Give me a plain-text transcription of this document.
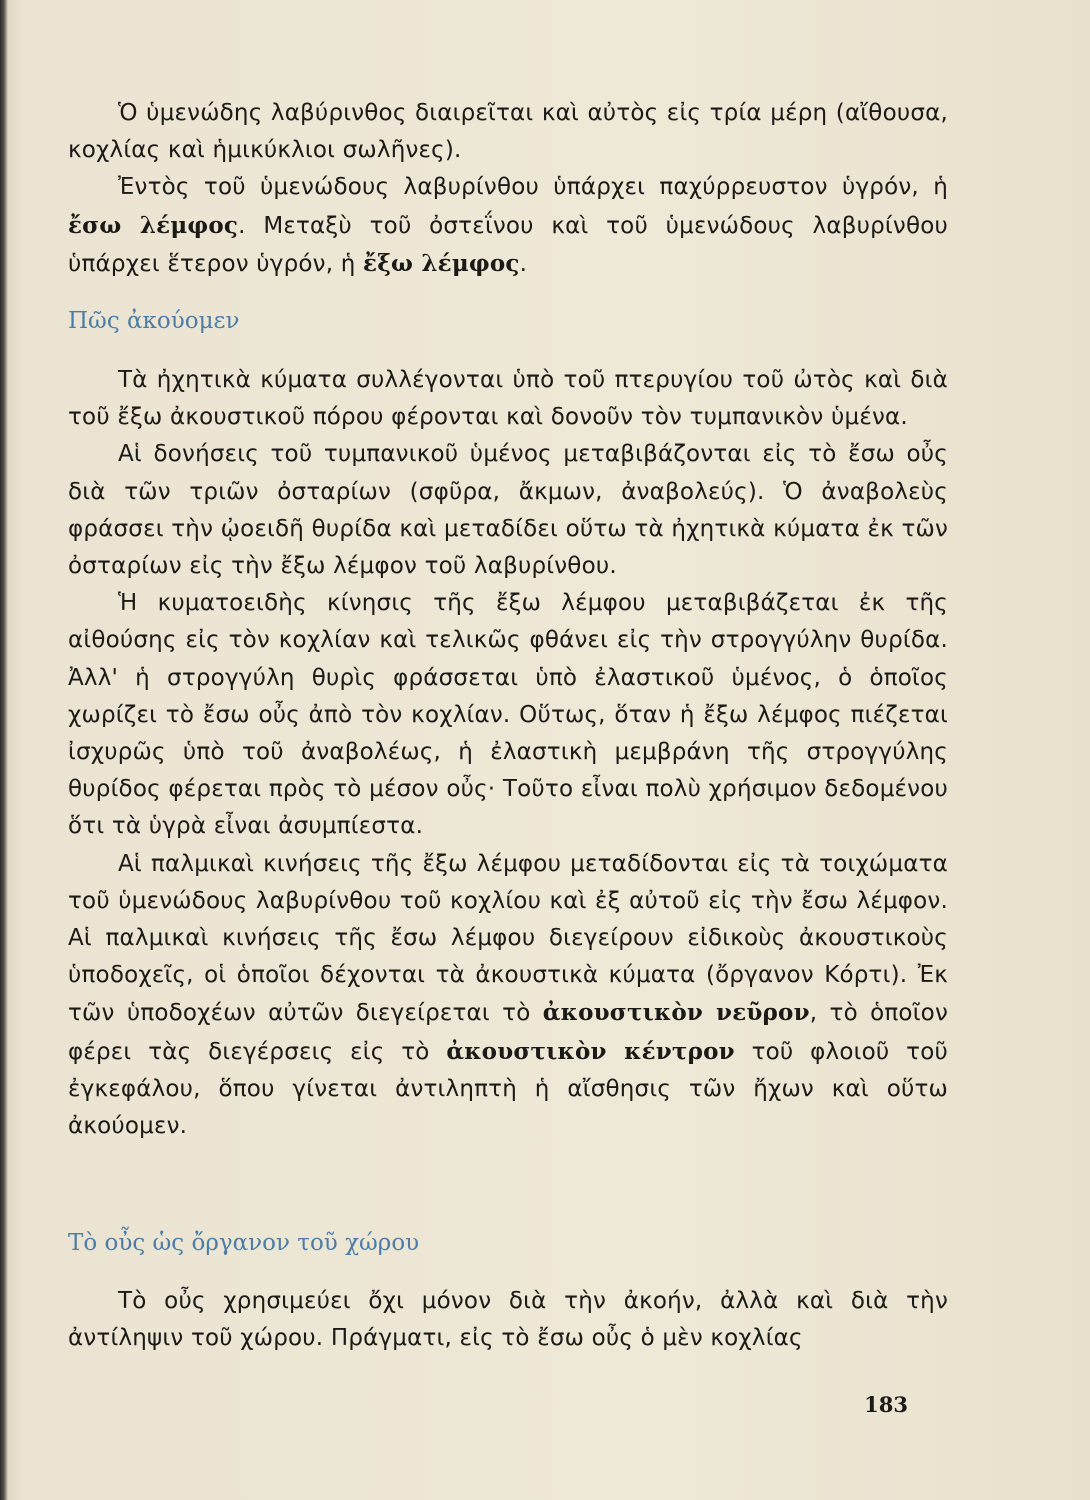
Ὁ ὑμενώδης λαβύρινθος διαιρεῖται καὶ αὐτὸς εἰς τρία μέρη (αἴθουσα, κοχλίας καὶ ἡμικύκλιοι σωλῆνες).

Ἐντὸς τοῦ ὑμενώδους λαβυρίνθου ὑπάρχει παχύρρευστον ὑγρόν, ἡ ἔσω λέμφος. Μεταξὺ τοῦ ὀστεΐνου καὶ τοῦ ὑμενώδους λαβυρίνθου ὑπάρχει ἕτερον ὑγρόν, ἡ ἔξω λέμφος.

Πῶς ἀκούομεν

Τὰ ἠχητικὰ κύματα συλλέγονται ὑπὸ τοῦ πτερυγίου τοῦ ὠτὸς καὶ διὰ τοῦ ἔξω ἀκουστικοῦ πόρου φέρονται καὶ δονοῦν τὸν τυμπανικὸν ὑμένα.

Αἱ δονήσεις τοῦ τυμπανικοῦ ὑμένος μεταβιβάζονται εἰς τὸ ἔσω οὖς διὰ τῶν τριῶν ὀσταρίων (σφῦρα, ἄκμων, ἀναβολεύς). Ὁ ἀναβολεὺς φράσσει τὴν ᾠοειδῆ θυρίδα καὶ μεταδίδει οὕτω τὰ ἠχητικὰ κύματα ἐκ τῶν ὀσταρίων εἰς τὴν ἔξω λέμφον τοῦ λαβυρίνθου.

Ἡ κυματοειδὴς κίνησις τῆς ἔξω λέμφου μεταβιβάζεται ἐκ τῆς αἰθούσης εἰς τὸν κοχλίαν καὶ τελικῶς φθάνει εἰς τὴν στρογγύλην θυρίδα. Ἀλλ' ἡ στρογγύλη θυρὶς φράσσεται ὑπὸ ἐλαστικοῦ ὑμένος, ὁ ὁποῖος χωρίζει τὸ ἔσω οὖς ἀπὸ τὸν κοχλίαν. Οὕτως, ὅταν ἡ ἔξω λέμφος πιέζεται ἰσχυρῶς ὑπὸ τοῦ ἀναβολέως, ἡ ἐλαστικὴ μεμβράνη τῆς στρογγύλης θυρίδος φέρεται πρὸς τὸ μέσον οὖς· Τοῦτο εἶναι πολὺ χρήσιμον δεδομένου ὅτι τὰ ὑγρὰ εἶναι ἀσυμπίεστα.

Αἱ παλμικαὶ κινήσεις τῆς ἔξω λέμφου μεταδίδονται εἰς τὰ τοιχώματα τοῦ ὑμενώδους λαβυρίνθου τοῦ κοχλίου καὶ ἐξ αὐτοῦ εἰς τὴν ἔσω λέμφον. Αἱ παλμικαὶ κινήσεις τῆς ἔσω λέμφου διεγείρουν εἰδικοὺς ἀκουστικοὺς ὑποδοχεῖς, οἱ ὁποῖοι δέχονται τὰ ἀκουστικὰ κύματα (ὄργανον Κόρτι). Ἐκ τῶν ὑποδοχέων αὐτῶν διεγείρεται τὸ ἀκουστικὸν νεῦρον, τὸ ὁποῖον φέρει τὰς διεγέρσεις εἰς τὸ ἀκουστικὸν κέντρον τοῦ φλοιοῦ τοῦ ἐγκεφάλου, ὅπου γίνεται ἀντιληπτὴ ἡ αἴσθησις τῶν ἤχων καὶ οὕτω ἀκούομεν.

Τὸ οὖς ὡς ὄργανον τοῦ χώρου

Τὸ οὖς χρησιμεύει ὄχι μόνον διὰ τὴν ἀκοήν, ἀλλὰ καὶ διὰ τὴν ἀντίληψιν τοῦ χώρου. Πράγματι, εἰς τὸ ἔσω οὖς ὁ μὲν κοχλίας

183
